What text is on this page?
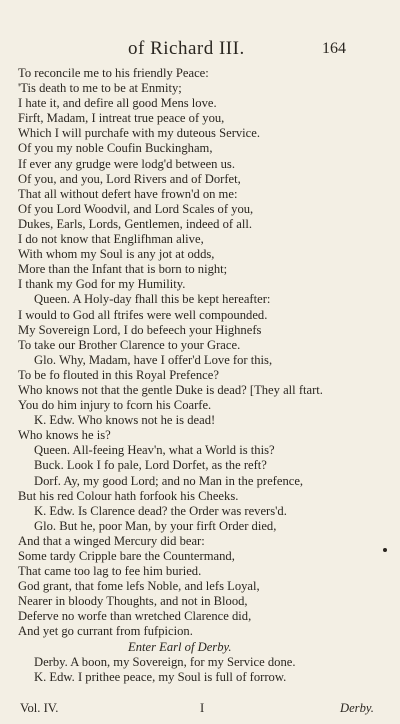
of Richard III.	164
To reconcile me to his friendly Peace:
'Tis death to me to be at Enmity;
I hate it, and defire all good Mens love.
Firft, Madam, I intreat true peace of you,
Which I will purchafe with my duteous Service.
Of you my noble Coufin Buckingham,
If ever any grudge were lodg'd between us.
Of you, and you, Lord Rivers and of Dorfet,
That all without defert have frown'd on me:
Of you Lord Woodvil, and Lord Scales of you,
Dukes, Earls, Lords, Gentlemen, indeed of all.
I do not know that Englifhman alive,
With whom my Soul is any jot at odds,
More than the Infant that is born to night;
I thank my God for my Humility.
Queen. A Holy-day fhall this be kept hereafter:
I would to God all ftrifes were well compounded.
My Sovereign Lord, I do befeech your Highnefs
To take our Brother Clarence to your Grace.
Glo. Why, Madam, have I offer'd Love for this,
To be fo flouted in this Royal Prefence?
Who knows not that the gentle Duke is dead? [They all ftart.
You do him injury to fcorn his Coarfe.
K. Edw. Who knows not he is dead!
Who knows he is?
Queen. All-feeing Heav'n, what a World is this?
Buck. Look I fo pale, Lord Dorfet, as the reft?
Dorf. Ay, my good Lord; and no Man in the prefence,
But his red Colour hath forfook his Cheeks.
K. Edw. Is Clarence dead? the Order was revers'd.
Glo. But he, poor Man, by your firft Order died,
And that a winged Mercury did bear:
Some tardy Cripple bare the Countermand,
That came too lag to fee him buried.
God grant, that fome lefs Noble, and lefs Loyal,
Nearer in bloody Thoughts, and not in Blood,
Deferve no worfe than wretched Clarence did,
And yet go currant from fufpicion.
Enter Earl of Derby.
Derby. A boon, my Sovereign, for my Service done.
K. Edw. I prithee peace, my Soul is full of forrow.
Vol. IV.	I	Derby.
